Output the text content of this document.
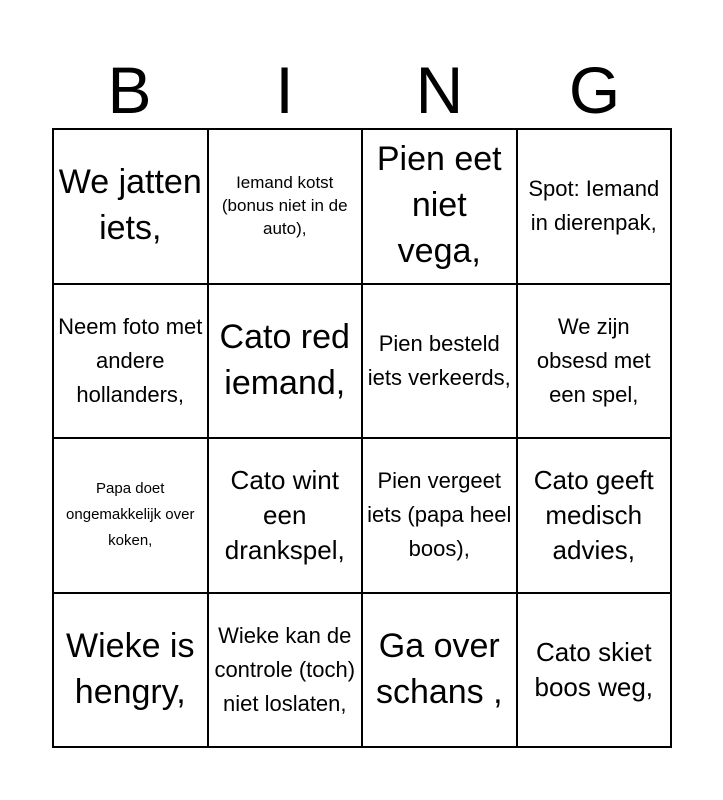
B	I	N	G
We jatten iets,
Iemand kotst (bonus niet in de auto),
Pien eet niet vega,
Spot: Iemand in dierenpak,
Neem foto met andere hollanders,
Cato red iemand,
Pien besteld iets verkeerds,
We zijn obsesd met een spel,
Papa doet ongemakkelijk over koken,
Cato wint een drankspel,
Pien vergeet iets (papa heel boos),
Cato geeft medisch advies,
Wieke is hengry,
Wieke kan de controle (toch) niet loslaten,
Ga over schans ,
Cato skiet boos weg,
